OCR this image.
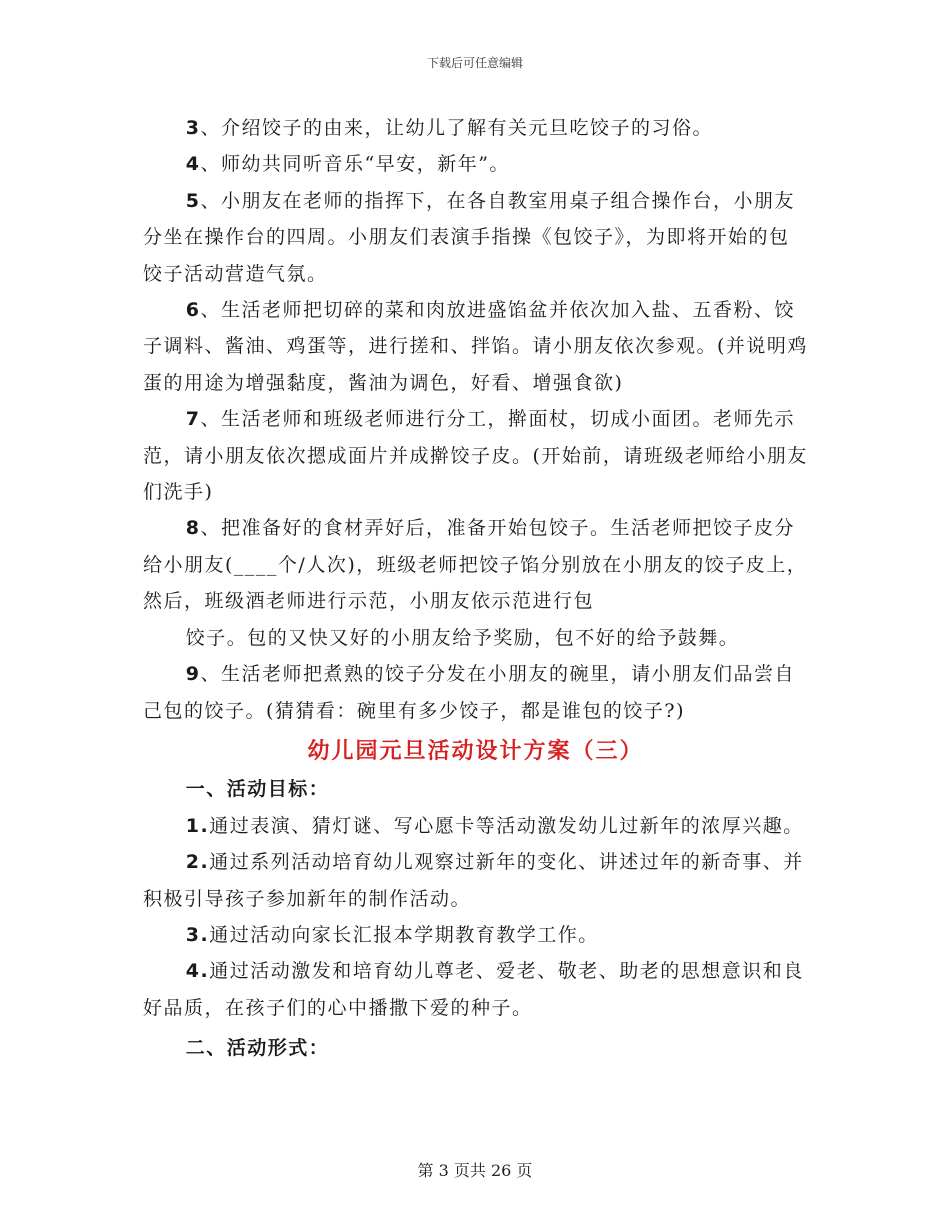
下载后可任意编辑

3、介绍饺子的由来，让幼儿了解有关元旦吃饺子的习俗。

4、师幼共同听音乐“早安，新年”。

5、小朋友在老师的指挥下，在各自教室用桌子组合操作台，小朋友分坐在操作台的四周。小朋友们表演手指操《包饺子》，为即将开始的包饺子活动营造气氛。

6、生活老师把切碎的菜和肉放进盛馅盆并依次加入盐、五香粉、饺子调料、酱油、鸡蛋等，进行搓和、拌馅。请小朋友依次参观。(并说明鸡蛋的用途为增强黏度，酱油为调色，好看、增强食欲)

7、生活老师和班级老师进行分工，擀面杖，切成小面团。老师先示范，请小朋友依次摁成面片并成擀饺子皮。(开始前，请班级老师给小朋友们洗手)

8、把准备好的食材弄好后，准备开始包饺子。生活老师把饺子皮分给小朋友(____个/人次)，班级老师把饺子馅分别放在小朋友的饺子皮上，然后，班级酒老师进行示范，小朋友依示范进行包

饺子。包的又快又好的小朋友给予奖励，包不好的给予鼓舞。

9、生活老师把煮熟的饺子分发在小朋友的碗里，请小朋友们品尝自己包的饺子。(猜猜看：碗里有多少饺子，都是谁包的饺子?)

幼儿园元旦活动设计方案（三）

一、活动目标：

1.通过表演、猜灯谜、写心愿卡等活动激发幼儿过新年的浓厚兴趣。

2.通过系列活动培育幼儿观察过新年的变化、讲述过年的新奇事、并积极引导孩子参加新年的制作活动。

3.通过活动向家长汇报本学期教育教学工作。

4.通过活动激发和培育幼儿尊老、爱老、敬老、助老的思想意识和良好品质，在孩子们的心中播撒下爱的种子。

二、活动形式：

第 3 页共 26 页
